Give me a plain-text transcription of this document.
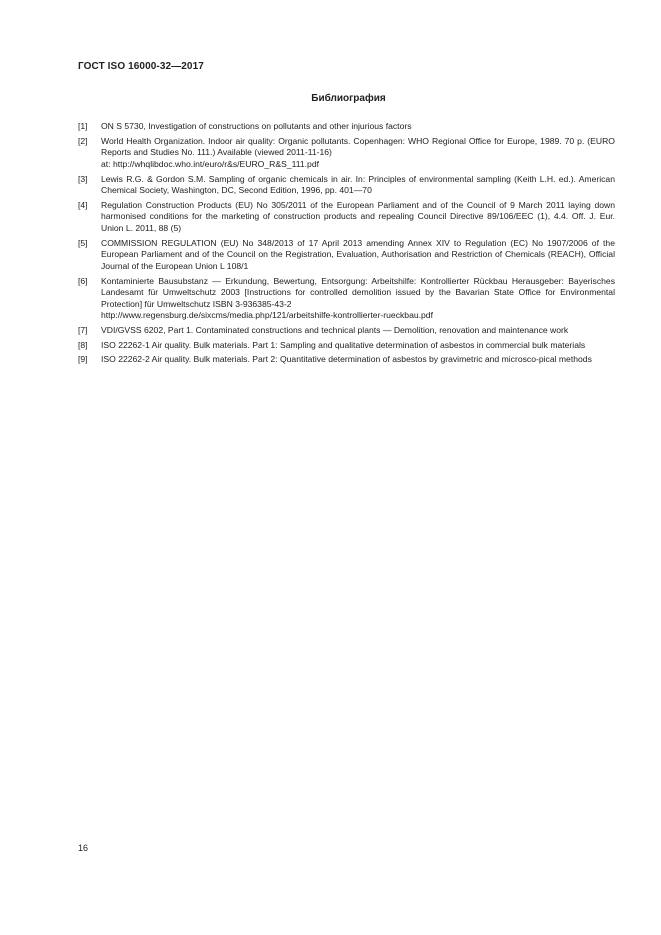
ГОСТ ISO 16000-32—2017
Библиография
[1]	ON S 5730, Investigation of constructions on pollutants and other injurious factors
[2]	World Health Organization. Indoor air quality: Organic pollutants. Copenhagen: WHO Regional Office for Europe, 1989. 70 p. (EURO Reports and Studies No. 111.) Available (viewed 2011-11-16)
at: http://whqlibdoc.who.int/euro/r&s/EURO_R&S_111.pdf
[3]	Lewis R.G. & Gordon S.M. Sampling of organic chemicals in air. In: Principles of environmental sampling (Keith L.H. ed.). American Chemical Society, Washington, DC, Second Edition, 1996, pp. 401—70
[4]	Regulation Construction Products (EU) No 305/2011 of the European Parliament and of the Council of 9 March 2011 laying down harmonised conditions for the marketing of construction products and repealing Council Directive 89/106/EEC (1), 4.4. Off. J. Eur. Union L. 2011, 88 (5)
[5]	COMMISSION REGULATION (EU) No 348/2013 of 17 April 2013 amending Annex XIV to Regulation (EC) No 1907/2006 of the European Parliament and of the Council on the Registration, Evaluation, Authorisation and Restriction of Chemicals (REACH), Official Journal of the European Union L 108/1
[6]	Kontaminierte Bausubstanz — Erkundung, Bewertung, Entsorgung: Arbeitshilfe: Kontrollierter Rückbau Herausgeber: Bayerisches Landesamt für Umweltschutz 2003 [Instructions for controlled demolition issued by the Bavarian State Office for Environmental Protection] für Umweltschutz ISBN 3-936385-43-2
http://www.regensburg.de/sixcms/media.php/121/arbeitshilfe-kontrollierter-rueckbau.pdf
[7]	VDI/GVSS 6202, Part 1. Contaminated constructions and technical plants — Demolition, renovation and maintenance work
[8]	ISO 22262-1 Air quality. Bulk materials. Part 1: Sampling and qualitative determination of asbestos in commercial bulk materials
[9]	ISO 22262-2 Air quality. Bulk materials. Part 2: Quantitative determination of asbestos by gravimetric and microsco-pical methods
16
